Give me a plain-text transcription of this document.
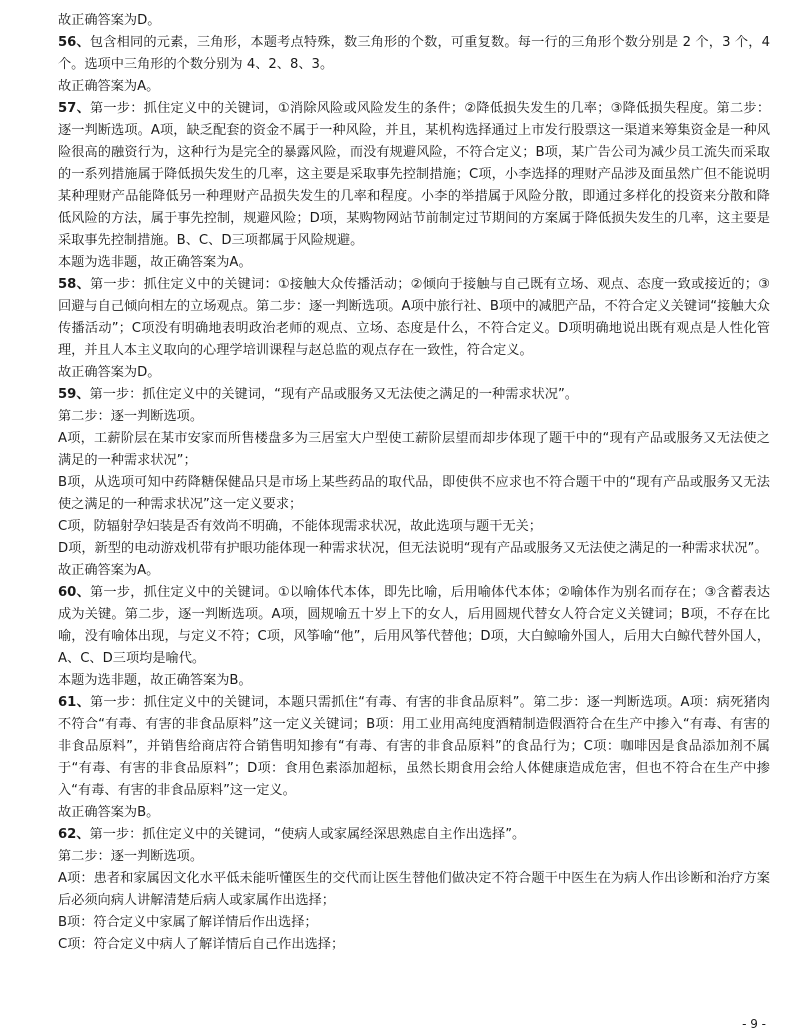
故正确答案为D。

56、包含相同的元素，三角形，本题考点特殊，数三角形的个数，可重复数。每一行的三角形个数分别是 2 个，3 个，4 个。选项中三角形的个数分别为 4、2、8、3。

故正确答案为A。

57、第一步：抓住定义中的关键词，①消除风险或风险发生的条件；②降低损失发生的几率；③降低损失程度。第二步：逐一判断选项。A项，缺乏配套的资金不属于一种风险，并且，某机构选择通过上市发行股票这一渠道来筹集资金是一种风险很高的融资行为，这种行为是完全的暴露风险，而没有规避风险，不符合定义；B项，某广告公司为减少员工流失而采取的一系列措施属于降低损失发生的几率，这主要是采取事先控制措施；C项，小李选择的理财产品涉及面虽然广但不能说明某种理财产品能降低另一种理财产品损失发生的几率和程度。小李的举措属于风险分散，即通过多样化的投资来分散和降低风险的方法，属于事先控制，规避风险；D项，某购物网站节前制定过节期间的方案属于降低损失发生的几率，这主要是采取事先控制措施。B、C、D三项都属于风险规避。

本题为选非题，故正确答案为A。

58、第一步：抓住定义中的关键词：①接触大众传播活动；②倾向于接触与自己既有立场、观点、态度一致或接近的；③回避与自己倾向相左的立场观点。第二步：逐一判断选项。A项中旅行社、B项中的减肥产品，不符合定义关键词“接触大众传播活动”；C项没有明确地表明政治老师的观点、立场、态度是什么，不符合定义。D项明确地说出既有观点是人性化管理，并且人本主义取向的心理学培训课程与赵总监的观点存在一致性，符合定义。

故正确答案为D。

59、第一步：抓住定义中的关键词，“现有产品或服务又无法使之满足的一种需求状况”。

第二步：逐一判断选项。

A项，工薪阶层在某市安家而所售楼盘多为三居室大户型使工薪阶层望而却步体现了题干中的“现有产品或服务又无法使之满足的一种需求状况”；

B项，从选项可知中药降糖保健品只是市场上某些药品的取代品，即使供不应求也不符合题干中的“现有产品或服务又无法使之满足的一种需求状况”这一定义要求；

C项，防辐射孕妇装是否有效尚不明确，不能体现需求状况，故此选项与题干无关；

D项，新型的电动游戏机带有护眼功能体现一种需求状况，但无法说明“现有产品或服务又无法使之满足的一种需求状况”。

故正确答案为A。

60、第一步，抓住定义中的关键词。①以喻体代本体，即先比喻，后用喻体代本体；②喻体作为别名而存在；③含蓄表达成为关键。第二步，逐一判断选项。A项，圆规喻五十岁上下的女人，后用圆规代替女人符合定义关键词；B项，不存在比喻，没有喻体出现，与定义不符；C项，风筝喻“他”，后用风筝代替他；D项，大白鲸喻外国人，后用大白鲸代替外国人，A、C、D三项均是喻代。

本题为选非题，故正确答案为B。

61、第一步：抓住定义中的关键词，本题只需抓住“有毒、有害的非食品原料”。第二步：逐一判断选项。A项：病死猪肉不符合“有毒、有害的非食品原料”这一定义关键词；B项：用工业用高纯度酒精制造假酒符合在生产中掺入“有毒、有害的非食品原料”，并销售给商店符合销售明知掺有“有毒、有害的非食品原料”的食品行为；C项：咖啡因是食品添加剂不属于“有毒、有害的非食品原料”；D项：食用色素添加超标，虽然长期食用会给人体健康造成危害，但也不符合在生产中掺入“有毒、有害的非食品原料”这一定义。

故正确答案为B。

62、第一步：抓住定义中的关键词，“使病人或家属经深思熟虑自主作出选择”。

第二步：逐一判断选项。

A项：患者和家属因文化水平低未能听懂医生的交代而让医生替他们做决定不符合题干中医生在为病人作出诊断和治疗方案后必须向病人讲解清楚后病人或家属作出选择；

B项：符合定义中家属了解详情后作出选择；

C项：符合定义中病人了解详情后自己作出选择；

- 9 -
